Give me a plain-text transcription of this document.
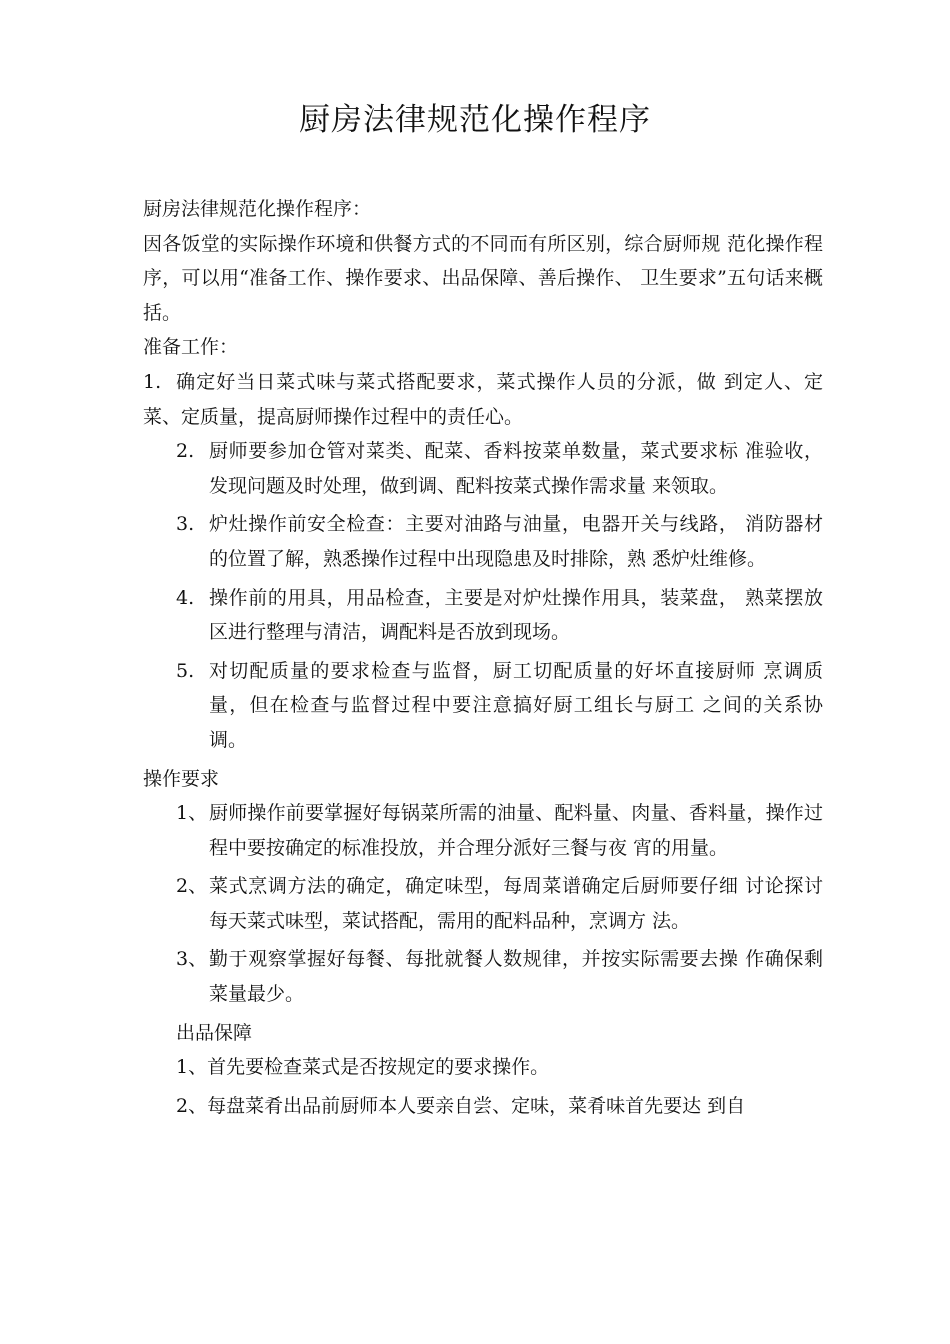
厨房法律规范化操作程序

厨房法律规范化操作程序：

因各饭堂的实际操作环境和供餐方式的不同而有所区别，综合厨师规 范化操作程序，可以用“准备工作、操作要求、出品保障、善后操作、 卫生要求”五句话来概括。

准备工作：

1. 确定好当日菜式味与菜式搭配要求，菜式操作人员的分派，做 到定人、定菜、定质量，提高厨师操作过程中的责任心。

2. 厨师要参加仓管对菜类、配菜、香料按菜单数量，菜式要求标 准验收，发现问题及时处理，做到调、配料按菜式操作需求量 来领取。

3. 炉灶操作前安全检查：主要对油路与油量，电器开关与线路， 消防器材的位置了解，熟悉操作过程中出现隐患及时排除，熟 悉炉灶维修。

4. 操作前的用具，用品检查，主要是对炉灶操作用具，装菜盘， 熟菜摆放区进行整理与清洁，调配料是否放到现场。

5. 对切配质量的要求检查与监督，厨工切配质量的好坏直接厨师 烹调质量，但在检查与监督过程中要注意搞好厨工组长与厨工 之间的关系协调。

操作要求

1、 厨师操作前要掌握好每锅菜所需的油量、配料量、肉量、香料量，操作过程中要按确定的标准投放，并合理分派好三餐与夜 宵的用量。

2、 菜式烹调方法的确定，确定味型，每周菜谱确定后厨师要仔细 讨论探讨每天菜式味型，菜试搭配，需用的配料品种，烹调方 法。

3、 勤于观察掌握好每餐、每批就餐人数规律，并按实际需要去操 作确保剩菜量最少。

出品保障

1、首先要检查菜式是否按规定的要求操作。

2、每盘菜肴出品前厨师本人要亲自尝、定味，菜肴味首先要达 到自
